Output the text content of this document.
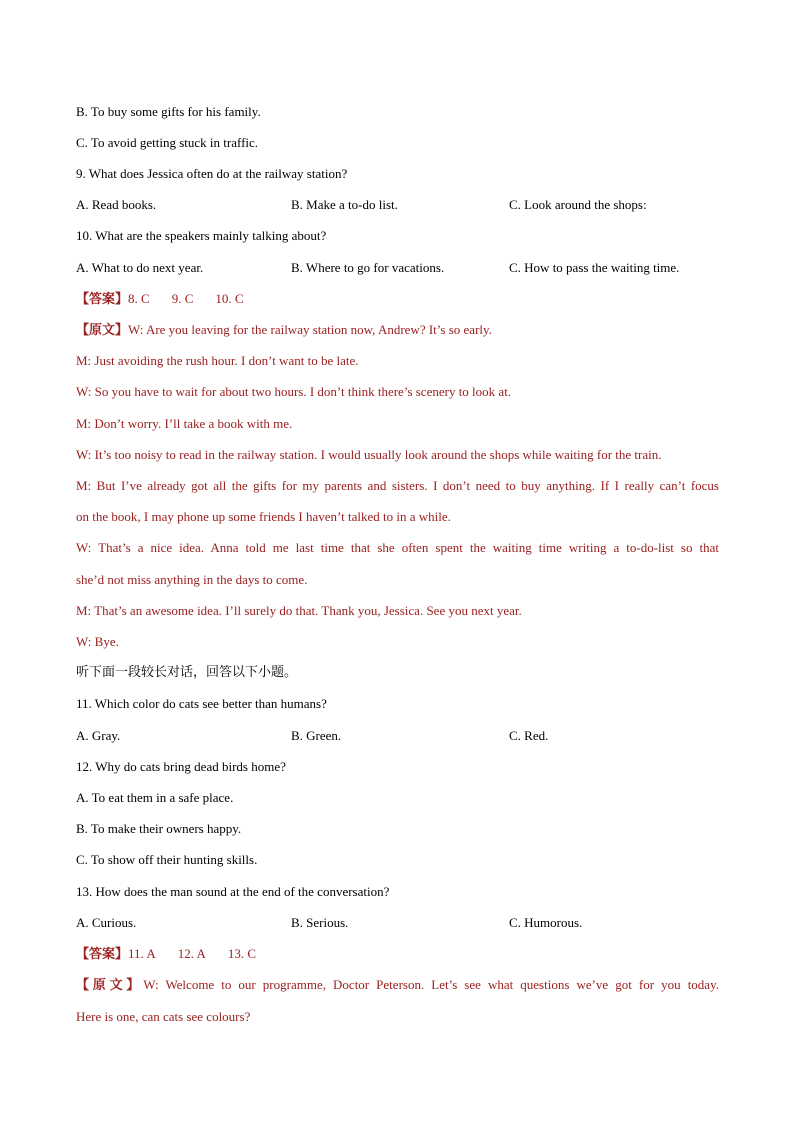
B. To buy some gifts for his family.
C. To avoid getting stuck in traffic.
9. What does Jessica often do at the railway station?
A. Read books.	B. Make a to-do list.	C. Look around the shops:
10. What are the speakers mainly talking about?
A. What to do next year.	B. Where to go for vacations.	C. How to pass the waiting time.
【答案】8. C 9. C 10. C
【原文】W: Are you leaving for the railway station now, Andrew? It’s so early.
M: Just avoiding the rush hour. I don’t want to be late.
W: So you have to wait for about two hours. I don’t think there’s scenery to look at.
M: Don’t worry. I’ll take a book with me.
W: It’s too noisy to read in the railway station. I would usually look around the shops while waiting for the train.
M: But I’ve already got all the gifts for my parents and sisters. I don’t need to buy anything. If I really can’t focus
on the book, I may phone up some friends I haven’t talked to in a while.
W: That’s a nice idea. Anna told me last time that she often spent the waiting time writing a to-do-list so that
she’d not miss anything in the days to come.
M: That’s an awesome idea. I’ll surely do that. Thank you, Jessica. See you next year.
W: Bye.
听下面一段较长对话，回答以下小题。
11. Which color do cats see better than humans?
A. Gray.	B. Green.	C. Red.
12. Why do cats bring dead birds home?
A. To eat them in a safe place.
B. To make their owners happy.
C. To show off their hunting skills.
13. How does the man sound at the end of the conversation?
A. Curious.	B. Serious.	C. Humorous.
【答案】11. A 12. A 13. C
【原文】W: Welcome to our programme, Doctor Peterson. Let’s see what questions we’ve got for you today.
Here is one, can cats see colours?
